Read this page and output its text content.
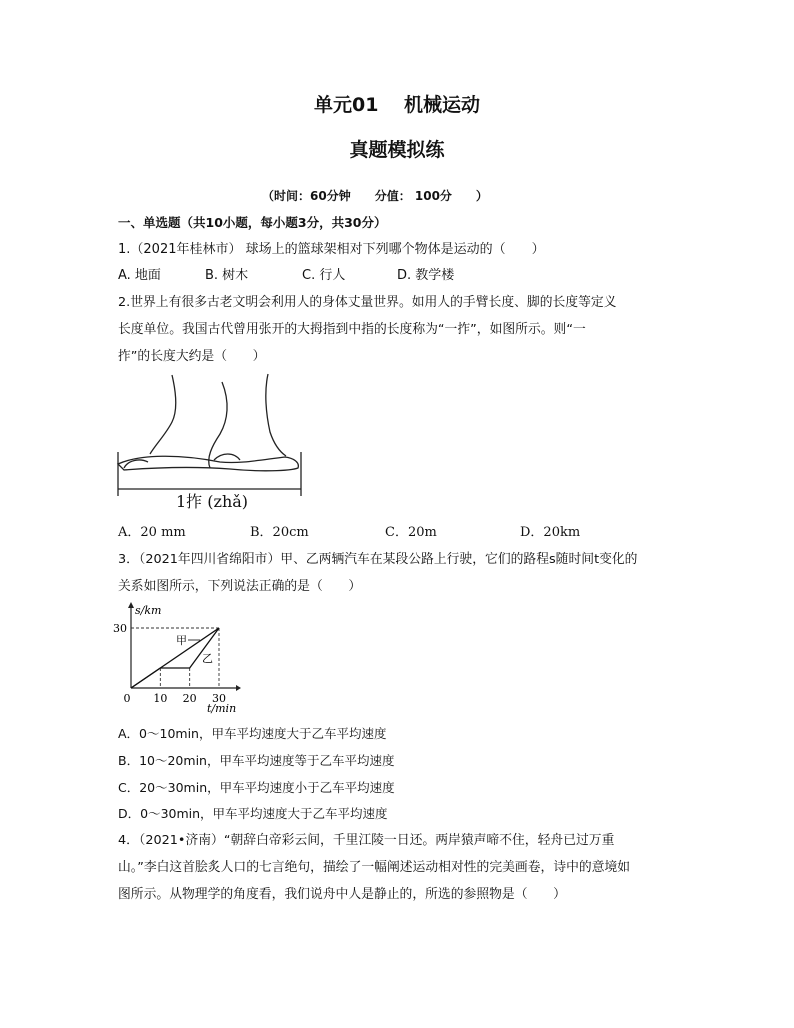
单元01　 机械运动
真题模拟练
（时间：60分钟　　分值： 100分　　）
一、单选题（共10小题，每小题3分，共30分）
1.（2021年桂林市） 球场上的篮球架相对下列哪个物体是运动的（　　）
A. 地面	B. 树木	C. 行人	D. 教学楼
2.世界上有很多古老文明会利用人的身体丈量世界。如用人的手臂长度、脚的长度等定义
长度单位。我国古代曾用张开的大拇指到中指的长度称为“一拃”，如图所示。则“一
拃”的长度大约是（　　）
1拃 (zhǎ)
A．20 mm	B．20cm	C．20m	D．20km
3．（2021年四川省绵阳市）甲、乙两辆汽车在某段公路上行驶，它们的路程s随时间t变化的
关系如图所示，下列说法正确的是（　　）
0 10 20 30
30
s/km
t/min
甲
乙
A．0～10min，甲车平均速度大于乙车平均速度
B．10～20min，甲车平均速度等于乙车平均速度
C．20～30min，甲车平均速度小于乙车平均速度
D．0～30min，甲车平均速度大于乙车平均速度
4．（2021•济南）“朝辞白帝彩云间，千里江陵一日还。两岸猿声啼不住，轻舟已过万重
山。”李白这首脍炙人口的七言绝句，描绘了一幅阐述运动相对性的完美画卷，诗中的意境如
图所示。从物理学的角度看，我们说舟中人是静止的，所选的参照物是（　　）
